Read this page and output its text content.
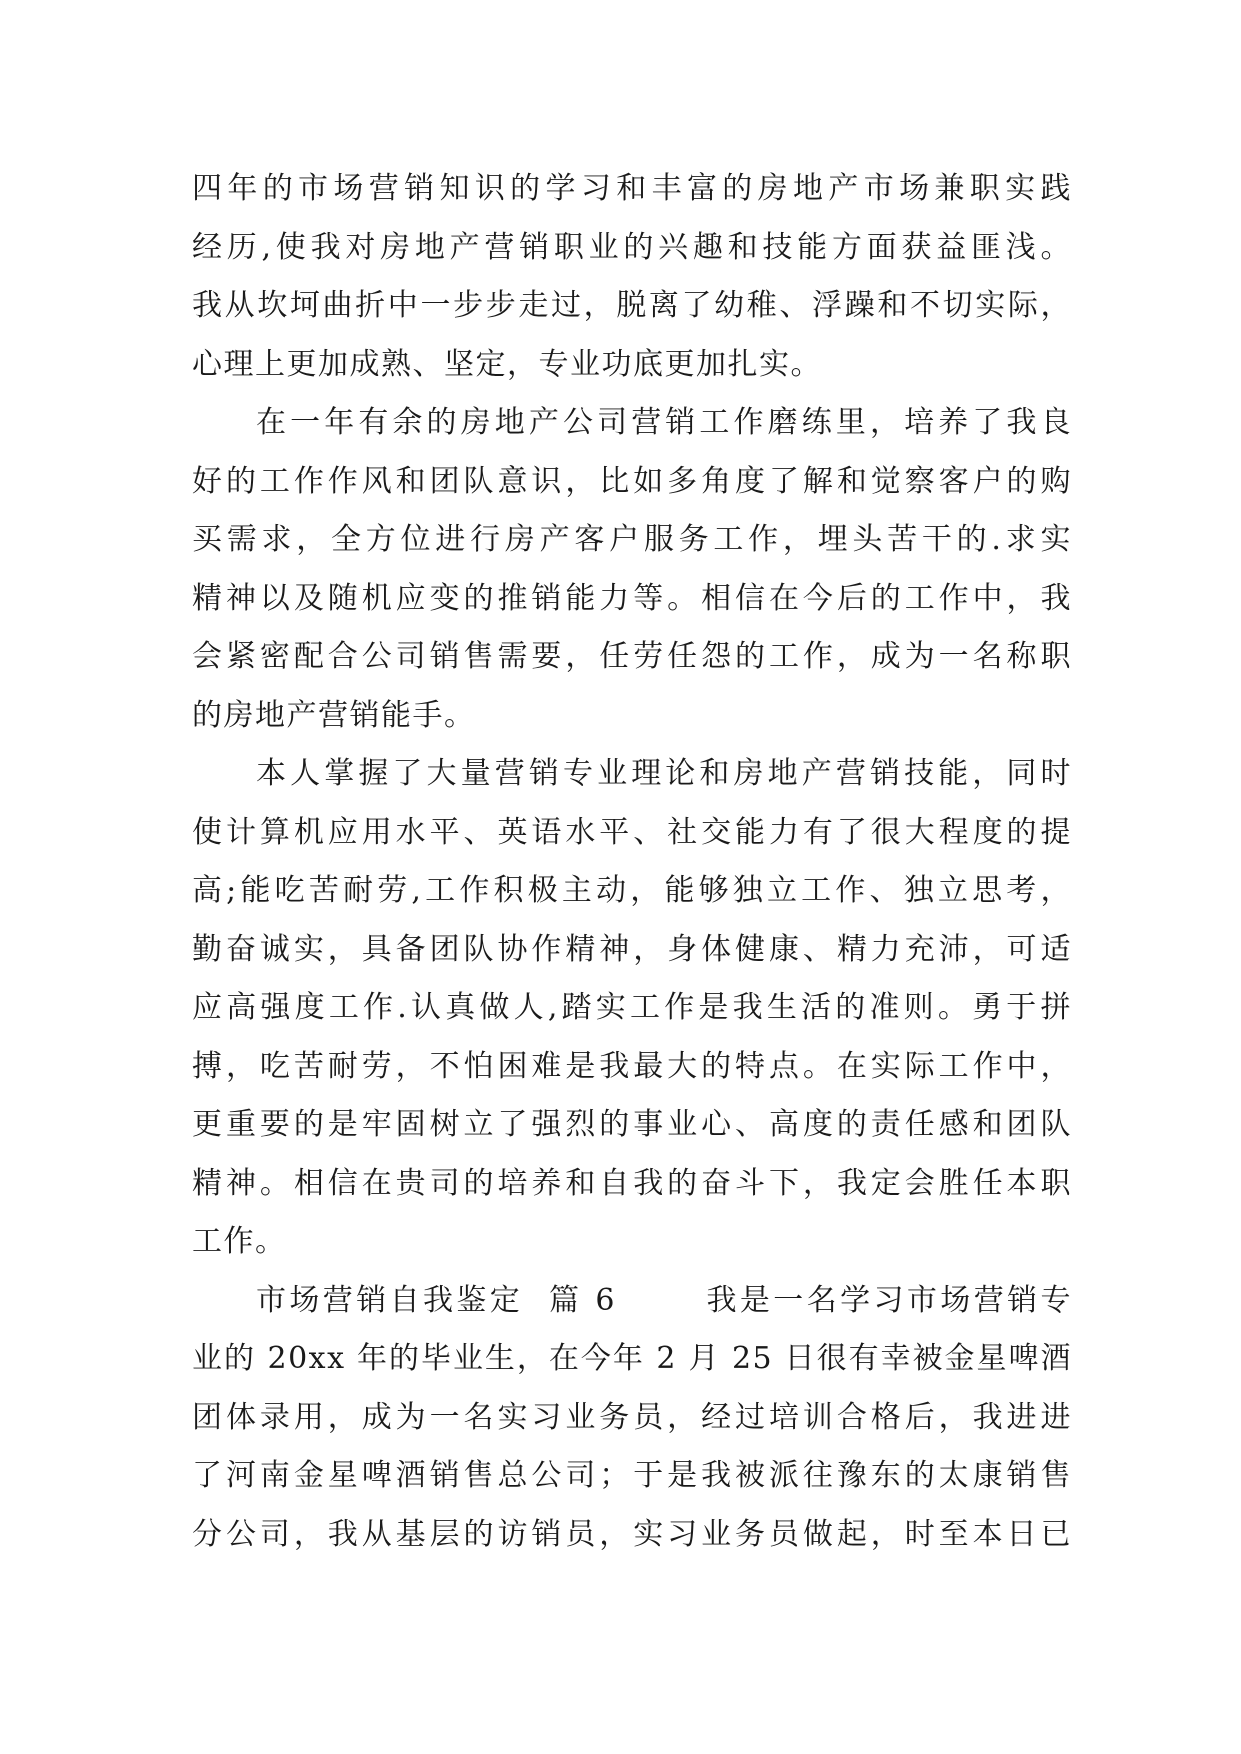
四年的市场营销知识的学习和丰富的房地产市场兼职实践
经历,使我对房地产营销职业的兴趣和技能方面获益匪浅。
我从坎坷曲折中一步步走过，脱离了幼稚、浮躁和不切实际，
心理上更加成熟、坚定，专业功底更加扎实。
在一年有余的房地产公司营销工作磨练里，培养了我良
好的工作作风和团队意识，比如多角度了解和觉察客户的购
买需求，全方位进行房产客户服务工作，埋头苦干的.求实
精神以及随机应变的推销能力等。相信在今后的工作中，我
会紧密配合公司销售需要，任劳任怨的工作，成为一名称职
的房地产营销能手。
本人掌握了大量营销专业理论和房地产营销技能，同时
使计算机应用水平、英语水平、社交能力有了很大程度的提
高;能吃苦耐劳,工作积极主动，能够独立工作、独立思考，
勤奋诚实，具备团队协作精神，身体健康、精力充沛，可适
应高强度工作.认真做人,踏实工作是我生活的准则。勇于拼
搏，吃苦耐劳，不怕困难是我最大的特点。在实际工作中，
更重要的是牢固树立了强烈的事业心、高度的责任感和团队
精神。相信在贵司的培养和自我的奋斗下，我定会胜任本职
工作。
市场营销自我鉴定  篇 6       我是一名学习市场营销专
业的 20xx 年的毕业生，在今年 2 月 25 日很有幸被金星啤酒
团体录用，成为一名实习业务员，经过培训合格后，我进进
了河南金星啤酒销售总公司；于是我被派往豫东的太康销售
分公司，我从基层的访销员，实习业务员做起，时至本日已
